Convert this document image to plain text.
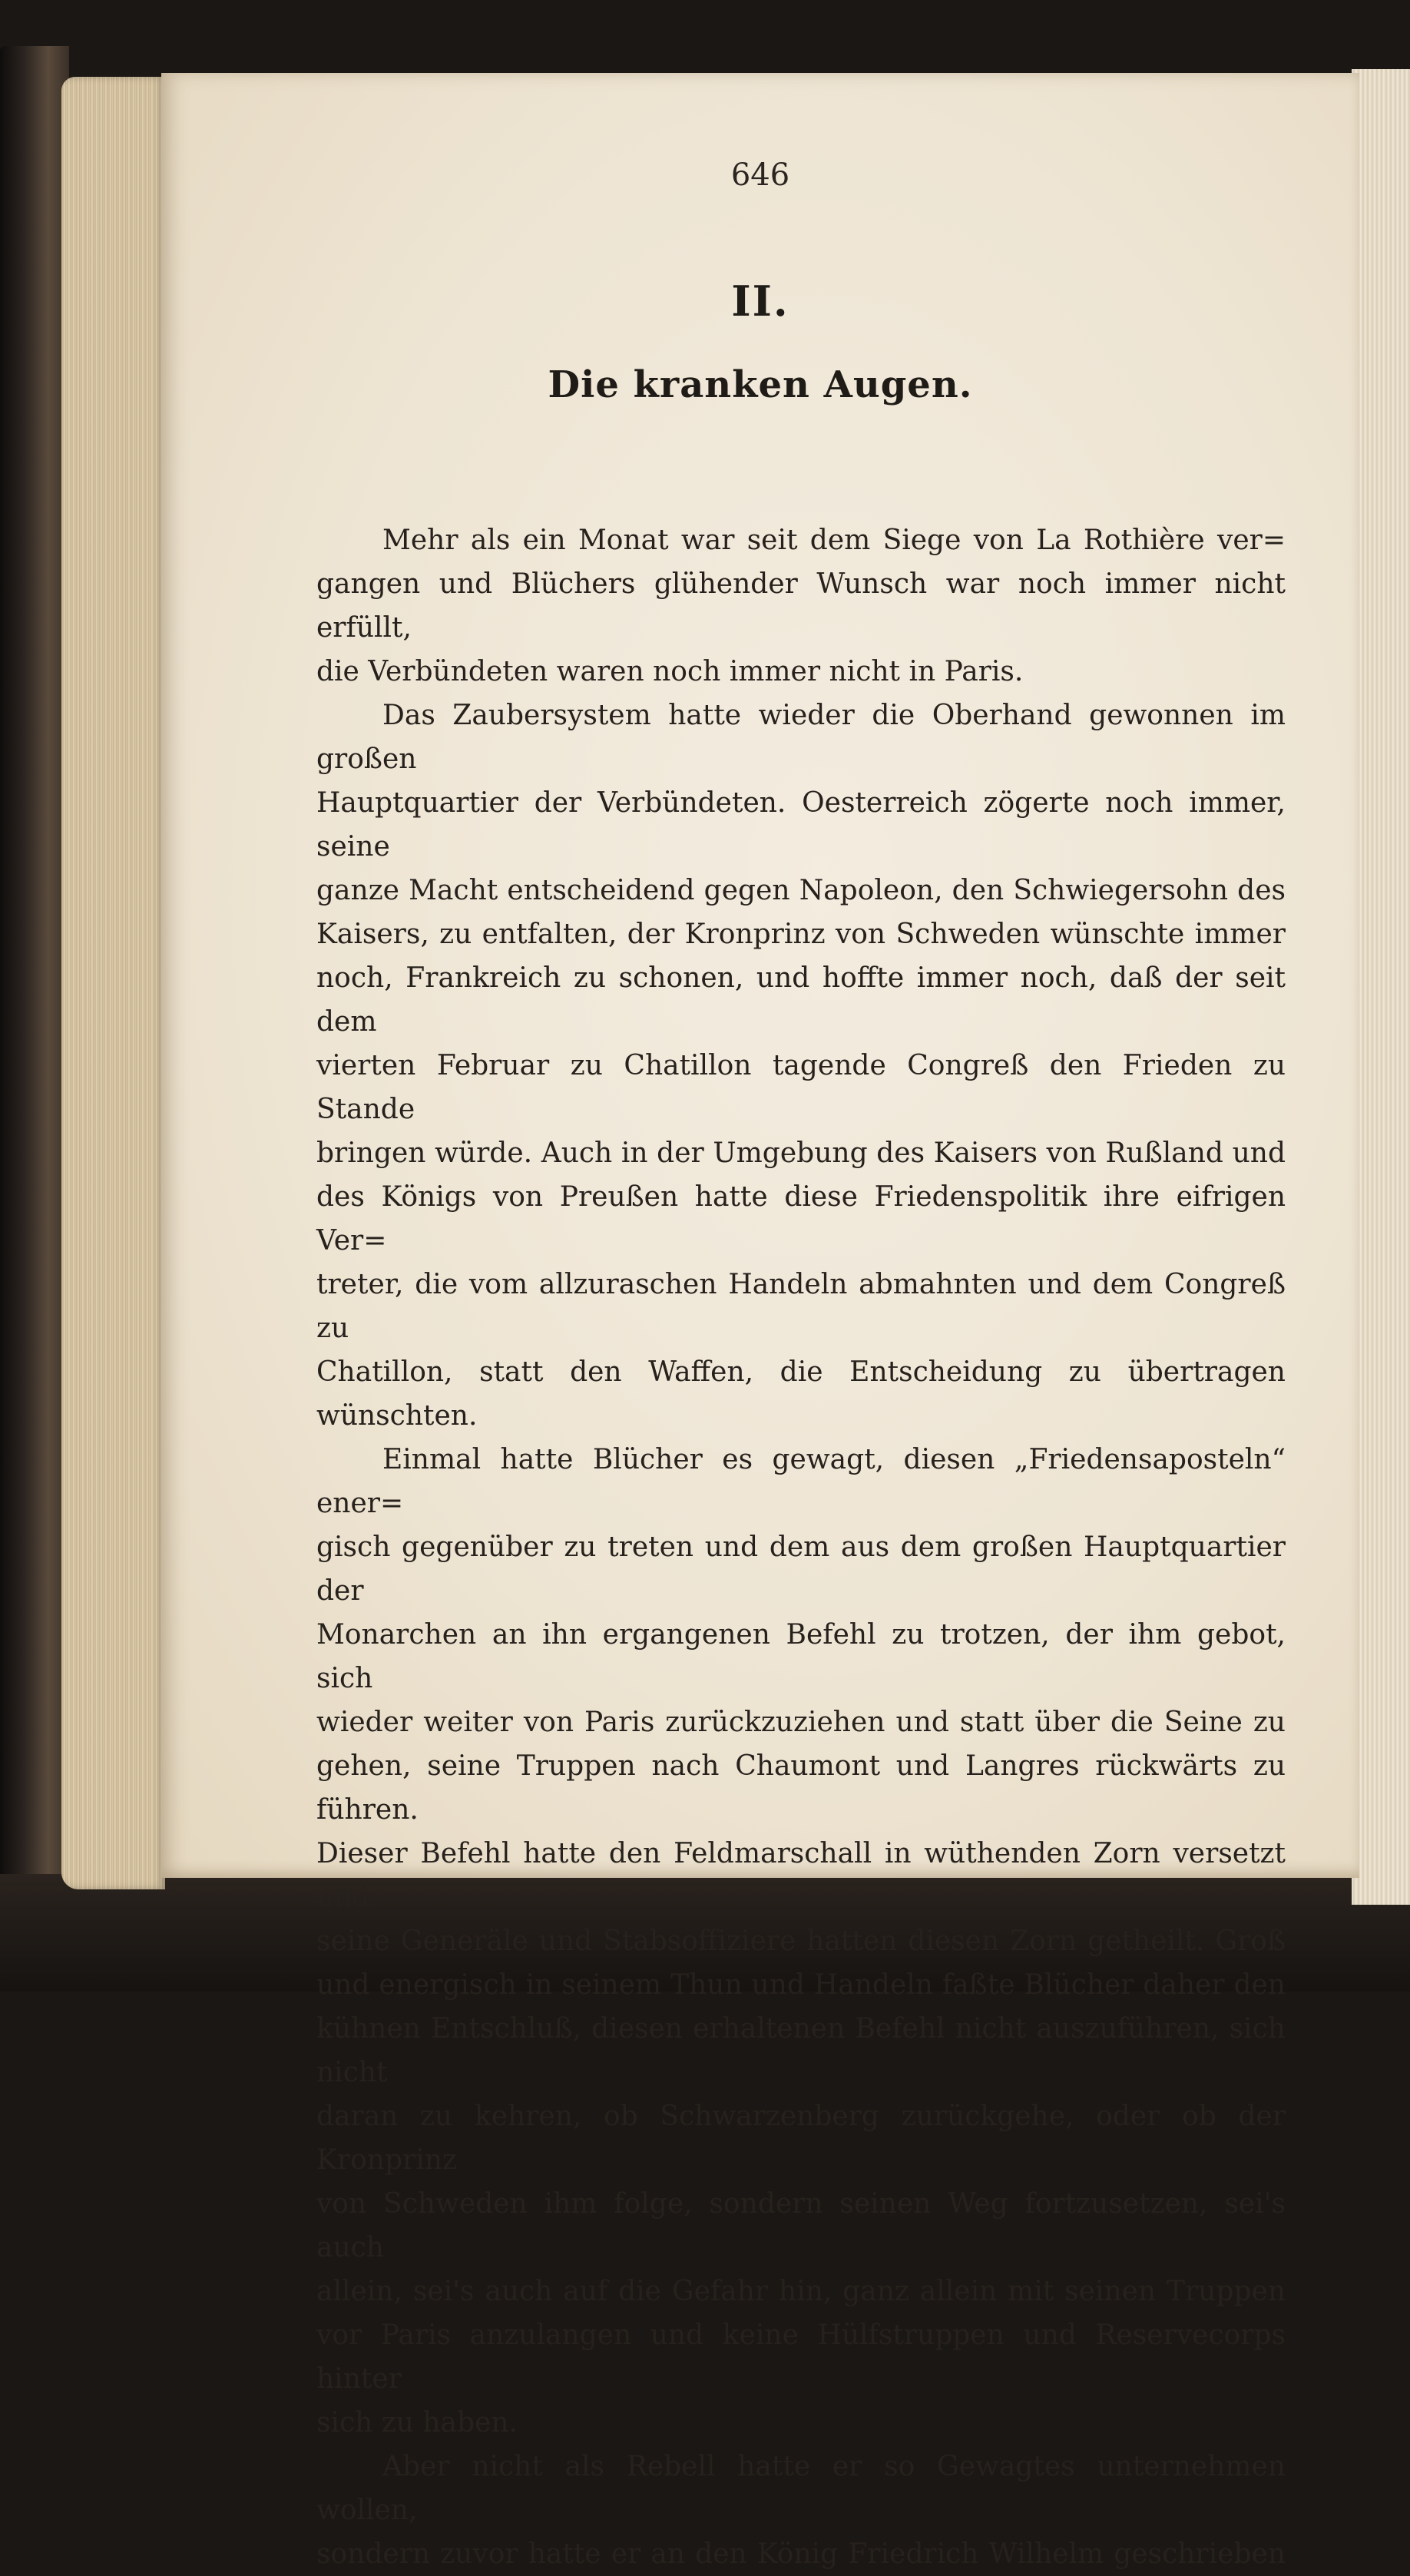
646
II.
Die kranken Augen.

Mehr als ein Monat war seit dem Siege von La Rothière ver=

gangen und Blüchers glühender Wunsch war noch immer nicht erfüllt,

die Verbündeten waren noch immer nicht in Paris.

Das Zaubersystem hatte wieder die Oberhand gewonnen im großen

Hauptquartier der Verbündeten. Oesterreich zögerte noch immer, seine

ganze Macht entscheidend gegen Napoleon, den Schwiegersohn des

Kaisers, zu entfalten, der Kronprinz von Schweden wünschte immer

noch, Frankreich zu schonen, und hoffte immer noch, daß der seit dem

vierten Februar zu Chatillon tagende Congreß den Frieden zu Stande

bringen würde. Auch in der Umgebung des Kaisers von Rußland und

des Königs von Preußen hatte diese Friedenspolitik ihre eifrigen Ver=

treter, die vom allzuraschen Handeln abmahnten und dem Congreß zu

Chatillon, statt den Waffen, die Entscheidung zu übertragen wünschten.

Einmal hatte Blücher es gewagt, diesen „Friedensaposteln“ ener=

gisch gegenüber zu treten und dem aus dem großen Hauptquartier der

Monarchen an ihn ergangenen Befehl zu trotzen, der ihm gebot, sich

wieder weiter von Paris zurückzuziehen und statt über die Seine zu

gehen, seine Truppen nach Chaumont und Langres rückwärts zu führen.

Dieser Befehl hatte den Feldmarschall in wüthenden Zorn versetzt und

seine Generäle und Stabsoffiziere hatten diesen Zorn getheilt. Groß

und energisch in seinem Thun und Handeln faßte Blücher daher den

kühnen Entschluß, diesen erhaltenen Befehl nicht auszuführen, sich nicht

daran zu kehren, ob Schwarzenberg zurückgehe, oder ob der Kronprinz

von Schweden ihm folge, sondern seinen Weg fortzusetzen, sei's auch

allein, sei's auch auf die Gefahr hin, ganz allein mit seinen Truppen

vor Paris anzulangen und keine Hülfstruppen und Reservecorps hinter

sich zu haben.

Aber nicht als Rebell hatte er so Gewagtes unternehmen wollen,

sondern zuvor hatte er an den König Friedrich Wilhelm geschrieben
